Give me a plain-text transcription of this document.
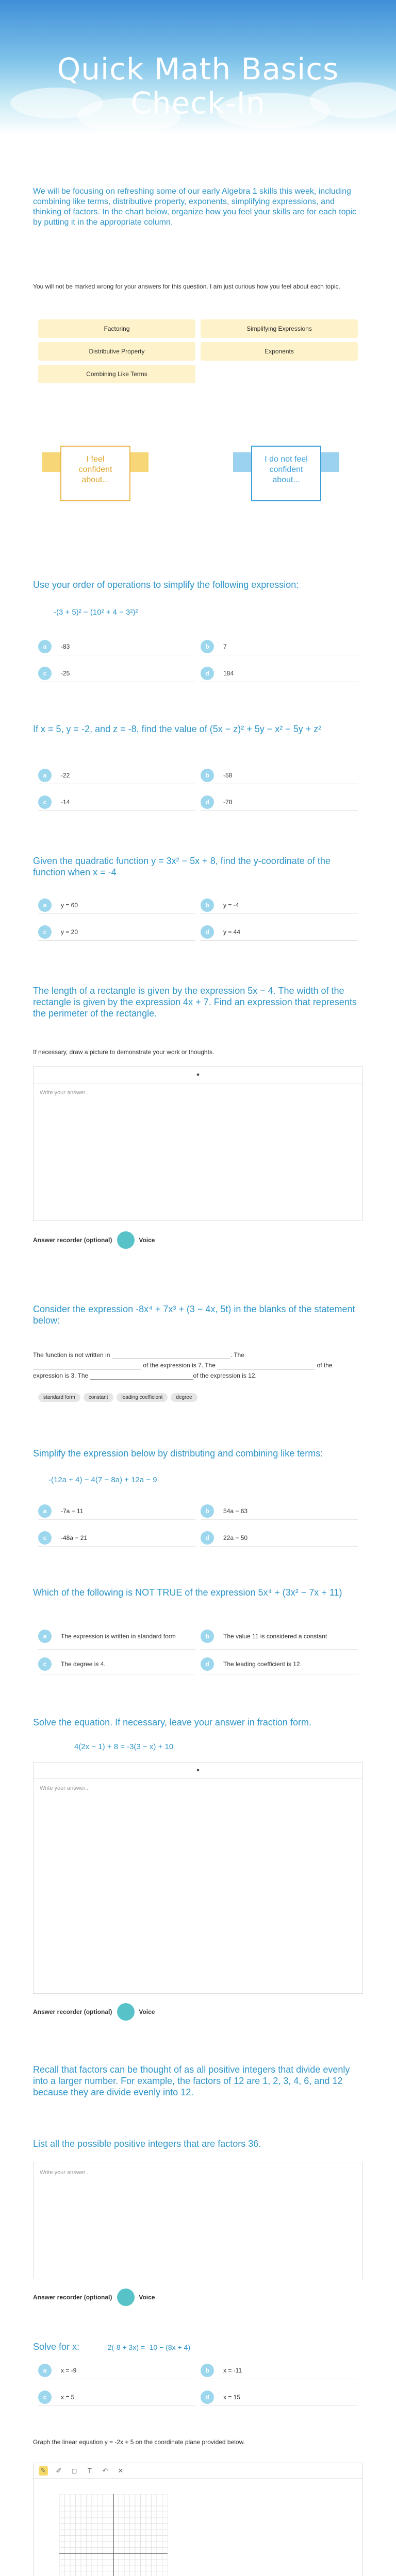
Quick Math Basics
Check-In
We will be focusing on refreshing some of our early Algebra 1 skills this week, including combining like terms, distributive property, exponents, simplifying expressions, and thinking of factors. In the chart below, organize how you feel your skills are for each topic by putting it in the appropriate column.
You will not be marked wrong for your answers for this question. I am just curious how you feel about each topic.
Factoring	Simplifying Expressions
Distributive Property	Exponents
Combining Like Terms
I feel confident about...
I do not feel confident about...
Use your order of operations to simplify the following expression:
-(3 + 5)² − (10² + 4 − 3²)²
a	-83	b	7
c	-25	d	184
If x = 5, y = -2, and z = -8, find the value of (5x − z)² + 5y − x² − 5y + z²
a	-22	b	-58
c	-14	d	-78
Given the quadratic function y = 3x² − 5x + 8, find the y-coordinate of the function when x = -4
a	y = 60	b	y = -4
c	y = 20	d	y = 44
The length of a rectangle is given by the expression 5x − 4. The width of the rectangle is given by the expression 4x + 7. Find an expression that represents the perimeter of the rectangle.
If necessary, draw a picture to demonstrate your work or thoughts.
•
Write your answer...
Answer recorder (optional)	Voice
Consider the expression -8x⁴ + 7x³ + (3 − 4x, 5t) in the blanks of the statement below:
The function is not written in	. The
of the expression is 7. The	of the
expression is 3. The	of the expression is 12.
standard form	constant	leading coefficient	degree
Simplify the expression below by distributing and combining like terms:
-(12a + 4) − 4(7 − 8a) + 12a − 9
a	-7a − 11	b	54a − 63
c	-48a − 21	d	22a − 50
Which of the following is NOT TRUE of the expression 5x⁴ + (3x² − 7x + 11)
a	The expression is written in standard form	b	The value 11 is considered a constant
c	The degree is 4.	d	The leading coefficient is 12.
Solve the equation. If necessary, leave your answer in fraction form.
4(2x − 1) + 8 = -3(3 − x) + 10
•
Write your answer...
Answer recorder (optional)	Voice
Recall that factors can be thought of as all positive integers that divide evenly into a larger number. For example, the factors of 12 are 1, 2, 3, 4, 6, and 12 because they are divide evenly into 12.
List all the possible positive integers that are factors 36.
Write your answer...
Answer recorder (optional)	Voice
Solve for x:	-2(-8 + 3x) = -10 − (8x + 4)
a	x = -9	b	x = -11
c	x = 5	d	x = 15
Graph the linear equation y = -2x + 5 on the coordinate plane provided below.
✎ ✐ ◻	T	↶ ✕
